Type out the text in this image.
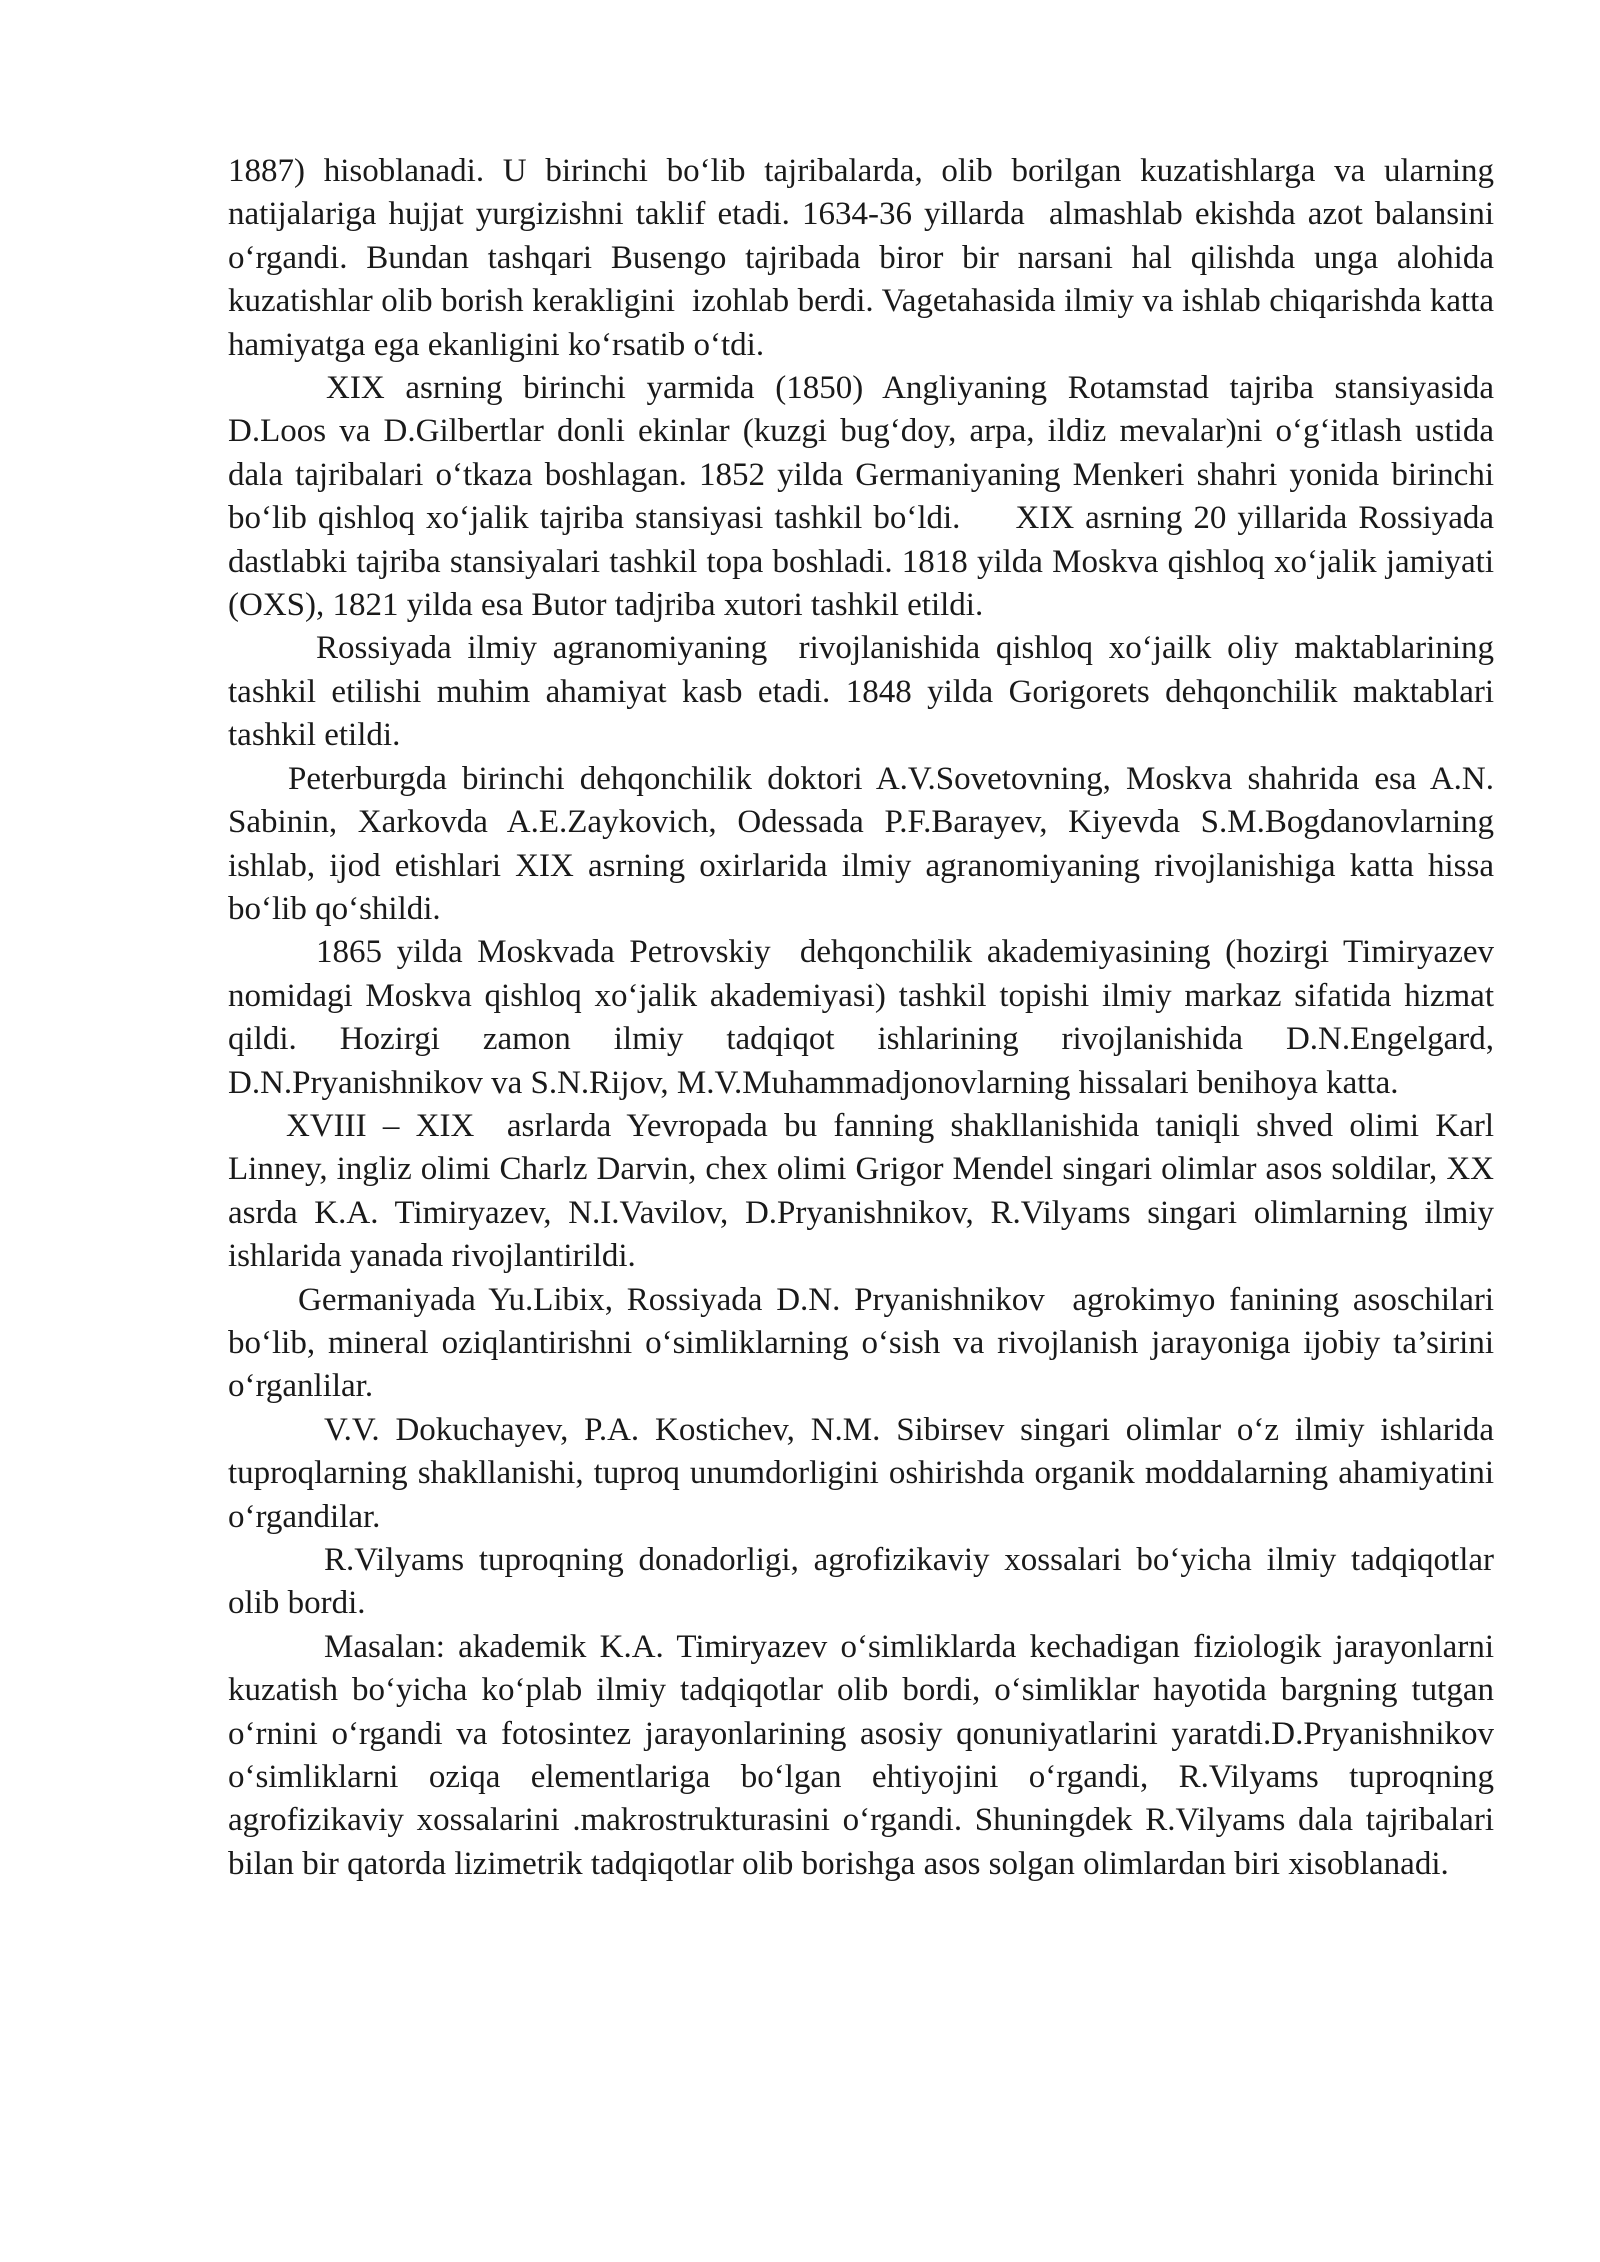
1887) hisoblanadi. U birinchi bo‘lib tajribalarda, olib borilgan kuzatishlarga va ularning natijalariga hujjat yurgizishni taklif etadi. 1634-36 yillarda  almashlab ekishda azot balansini o‘rgandi. Bundan tashqari Busengo tajribada biror bir narsani hal qilishda unga alohida kuzatishlar olib borish kerakligini  izohlab berdi. Vagetahasida ilmiy va ishlab chiqarishda katta hamiyatga ega ekanligini ko‘rsatib o‘tdi.

XIX asrning birinchi yarmida (1850) Angliyaning Rotamstad tajriba stansiyasida D.Loos va D.Gilbertlar donli ekinlar (kuzgi bug‘doy, arpa, ildiz mevalar)ni o‘g‘itlash ustida dala tajribalari o‘tkaza boshlagan. 1852 yilda Germaniyaning Menkeri shahri yonida birinchi bo‘lib qishloq xo‘jalik tajriba stansiyasi tashkil bo‘ldi.     XIX asrning 20 yillarida Rossiyada dastlabki tajriba stansiyalari tashkil topa boshladi. 1818 yilda Moskva qishloq xo‘jalik jamiyati (OXS), 1821 yilda esa Butor tadjriba xutori tashkil etildi.

Rossiyada ilmiy agranomiyaning  rivojlanishida qishloq xo‘jailk oliy maktablarining tashkil etilishi muhim ahamiyat kasb etadi. 1848 yilda Gorigorets dehqonchilik maktablari tashkil etildi.

Peterburgda birinchi dehqonchilik doktori A.V.Sovetovning, Moskva shahrida esa A.N. Sabinin, Xarkovda A.E.Zaykovich, Odessada P.F.Barayev, Kiyevda S.M.Bogdanovlarning ishlab, ijod etishlari XIX asrning oxirlarida ilmiy agranomiyaning rivojlanishiga katta hissa bo‘lib qo‘shildi.

1865 yilda Moskvada Petrovskiy  dehqonchilik akademiyasining (hozirgi Timiryazev nomidagi Moskva qishloq xo‘jalik akademiyasi) tashkil topishi ilmiy markaz sifatida hizmat qildi. Hozirgi zamon ilmiy tadqiqot ishlarining rivojlanishida D.N.Engelgard, D.N.Pryanishnikov va S.N.Rijov, M.V.Muhammadjonovlarning hissalari benihoya katta.

XVIII – XIX  asrlarda Yevropada bu fanning shakllanishida taniqli shved olimi Karl Linney, ingliz olimi Charlz Darvin, chex olimi Grigor Mendel singari olimlar asos soldilar, XX asrda K.A. Timiryazev, N.I.Vavilov, D.Pryanishnikov, R.Vilyams singari olimlarning ilmiy ishlarida yanada rivojlantirildi.

Germaniyada Yu.Libix, Rossiyada D.N. Pryanishnikov  agrokimyo fanining asoschilari bo‘lib, mineral oziqlantirishni o‘simliklarning o‘sish va rivojlanish jarayoniga ijobiy ta’sirini o‘rganlilar.

V.V. Dokuchayev, P.A. Kostichev, N.M. Sibirsev singari olimlar o‘z ilmiy ishlarida tuproqlarning shakllanishi, tuproq unumdorligini oshirishda organik moddalarning ahamiyatini o‘rgandilar.

R.Vilyams tuproqning donadorligi, agrofizikaviy xossalari bo‘yicha ilmiy tadqiqotlar olib bordi.

Masalan: akademik K.A. Timiryazev o‘simliklarda kechadigan fiziologik jarayonlarni kuzatish bo‘yicha ko‘plab ilmiy tadqiqotlar olib bordi, o‘simliklar hayotida bargning tutgan o‘rnini o‘rgandi va fotosintez jarayonlarining asosiy qonuniyatlarini yaratdi.D.Pryanishnikov o‘simliklarni oziqa elementlariga bo‘lgan ehtiyojini o‘rgandi, R.Vilyams tuproqning agrofizikaviy xossalarini .makrostrukturasini o‘rgandi. Shuningdek R.Vilyams dala tajribalari bilan bir qatorda lizimetrik tadqiqotlar olib borishga asos solgan olimlardan biri xisoblanadi.
